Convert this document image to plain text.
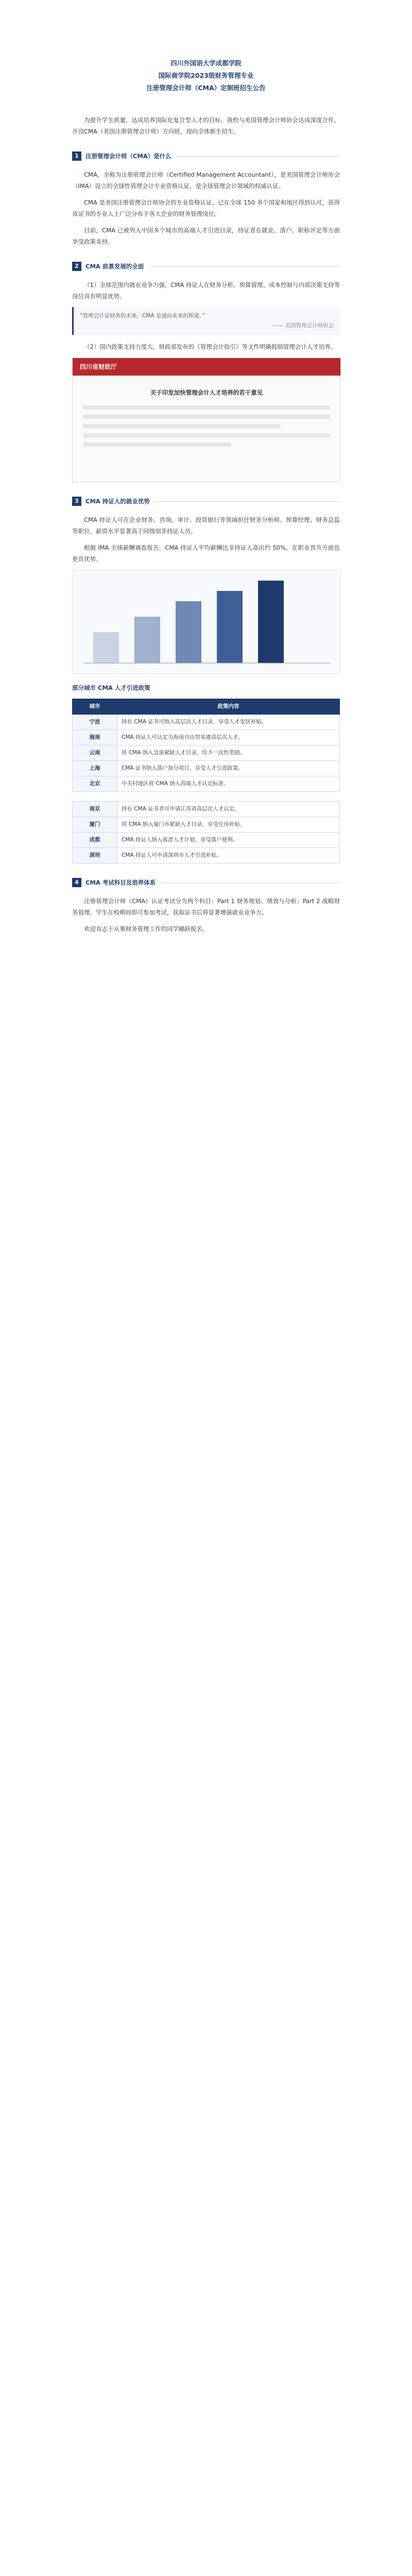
四川外国语大学成都学院
国际商学院2023级财务管理专业
注册管理会计师（CMA）定制班招生公告

为提升学生质量，达成培养国际化复合型人才的目标，我校与美国管理会计师协会达成深度合作，开设CMA（美国注册管理会计师）方向班，现向全体新生招生。

1	注册管理会计师（CMA）是什么

CMA，全称为注册管理会计师（Certified Management Accountant），是美国管理会计师协会（IMA）设立的全球性管理会计专业资格认证，是全球管理会计领域的权威认证。

CMA 是美国注册管理会计师协会的专业资格认证，已在全球 150 多个国家和地区得到认可，获得该证书的专业人士广泛分布于各大企业的财务管理岗位。

目前，CMA 已被列入中国多个城市的高端人才引进目录，持证者在就业、落户、职称评定等方面享受政策支持。

2	CMA 前景发展的全面

（1）全球范围内就业竞争力强，CMA 持证人在财务分析、预算管理、成本控制与内部决策支持等岗位具有明显优势。

“管理会计是财务的未来，CMA 是通向未来的桥梁。”
—— 美国管理会计师协会

（2）国内政策支持力度大，财政部发布的《管理会计指引》等文件明确鼓励管理会计人才培养。

四川省财政厅
关于印发加快管理会计人才培养的若干意见
3	CMA 持证人的就业优势

CMA 持证人可在企业财务、咨询、审计、投资银行等领域担任财务分析师、预算经理、财务总监等职位，薪资水平显著高于同级别非持证人员。

根据 IMA 全球薪酬调查报告，CMA 持证人平均薪酬比非持证人高出约 50%，在职业晋升方面也更具优势。

部分城市 CMA 人才引进政策
城市	政策内容
宁波	持有 CMA 证书可纳入高层次人才目录，享受人才安居补贴。
海南	CMA 持证人可认定为海南自由贸易港高层次人才。
云南	将 CMA 纳入急需紧缺人才目录，给予一次性奖励。
上海	CMA 证书纳入落户加分项目，享受人才引进政策。
北京	中关村地区将 CMA 纳入高端人才认定标准。
南京	持有 CMA 证书者可申请江苏省高层次人才认定。
厦门	将 CMA 纳入厦门市紧缺人才目录，享受住房补贴。
成都	CMA 持证人纳入蓉漂人才计划，享受落户便利。
深圳	CMA 持证人可申请深圳市人才引进补贴。
4	CMA 考试科目及培养体系

注册管理会计师（CMA）认证考试分为两个科目：Part 1 财务规划、绩效与分析；Part 2 战略财务管理。学生在校期间即可参加考试，获取证书后将显著增强就业竞争力。

欢迎有志于从事财务管理工作的同学踊跃报名。
